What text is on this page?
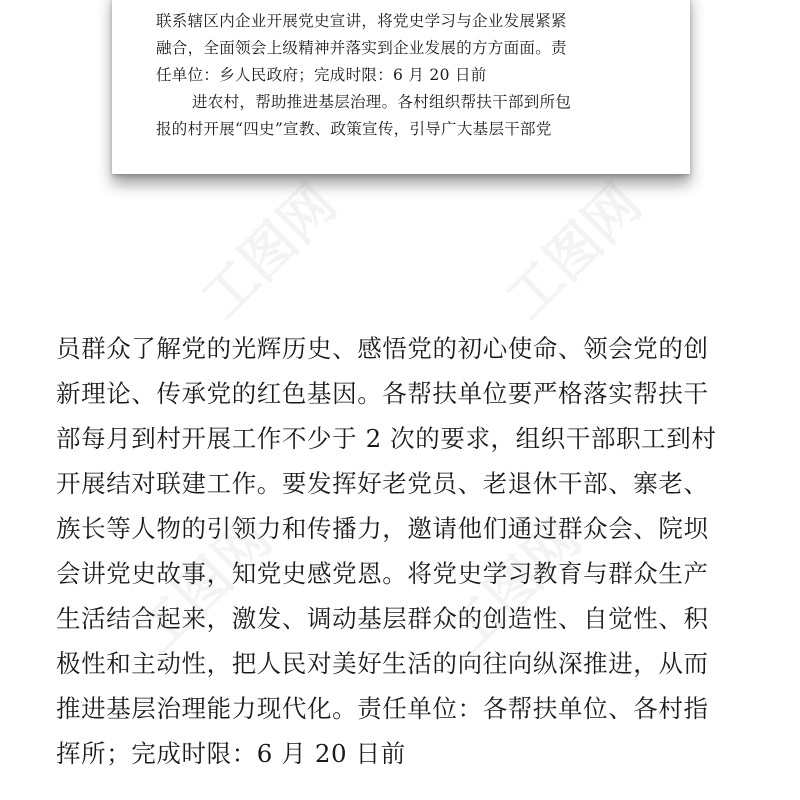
联系辖区内企业开展党史宣讲，将党史学习与企业发展紧紧
融合，全面领会上级精神并落实到企业发展的方方面面。责
任单位：乡人民政府；完成时限：6 月 20 日前
进农村，帮助推进基层治理。各村组织帮扶干部到所包
报的村开展“四史”宣教、政策宣传，引导广大基层干部党
员群众了解党的光辉历史、感悟党的初心使命、领会党的创
新理论、传承党的红色基因。各帮扶单位要严格落实帮扶干
部每月到村开展工作不少于 2 次的要求，组织干部职工到村
开展结对联建工作。要发挥好老党员、老退休干部、寨老、
族长等人物的引领力和传播力，邀请他们通过群众会、院坝
会讲党史故事，知党史感党恩。将党史学习教育与群众生产
生活结合起来，激发、调动基层群众的创造性、自觉性、积
极性和主动性，把人民对美好生活的向往向纵深推进，从而
推进基层治理能力现代化。责任单位：各帮扶单位、各村指
挥所；完成时限：6 月 20 日前
工图网	工图网
工图网	工图网
